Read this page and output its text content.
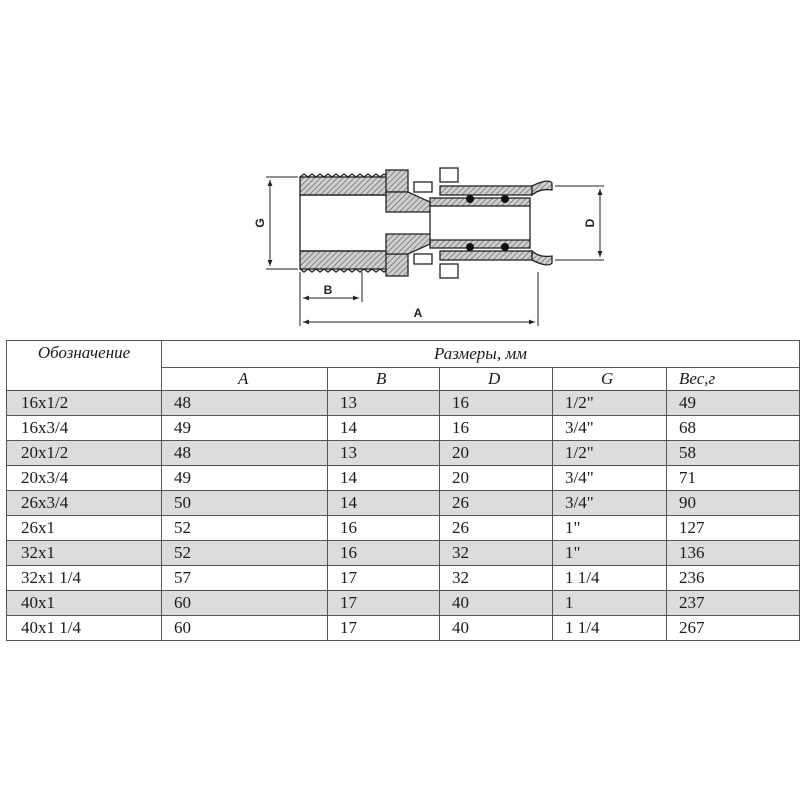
G	D
B
A
Обозначение	Размеры, мм				
	A	B	D	G	Вес,г
16x1/2	48	13	16	1/2"	49
16x3/4	49	14	16	3/4"	68
20x1/2	48	13	20	1/2"	58
20x3/4	49	14	20	3/4"	71
26x3/4	50	14	26	3/4"	90
26x1	52	16	26	1"	127
32x1	52	16	32	1"	136
32x1 1/4	57	17	32	1 1/4	236
40x1	60	17	40	1	237
40x1 1/4	60	17	40	1 1/4	267
